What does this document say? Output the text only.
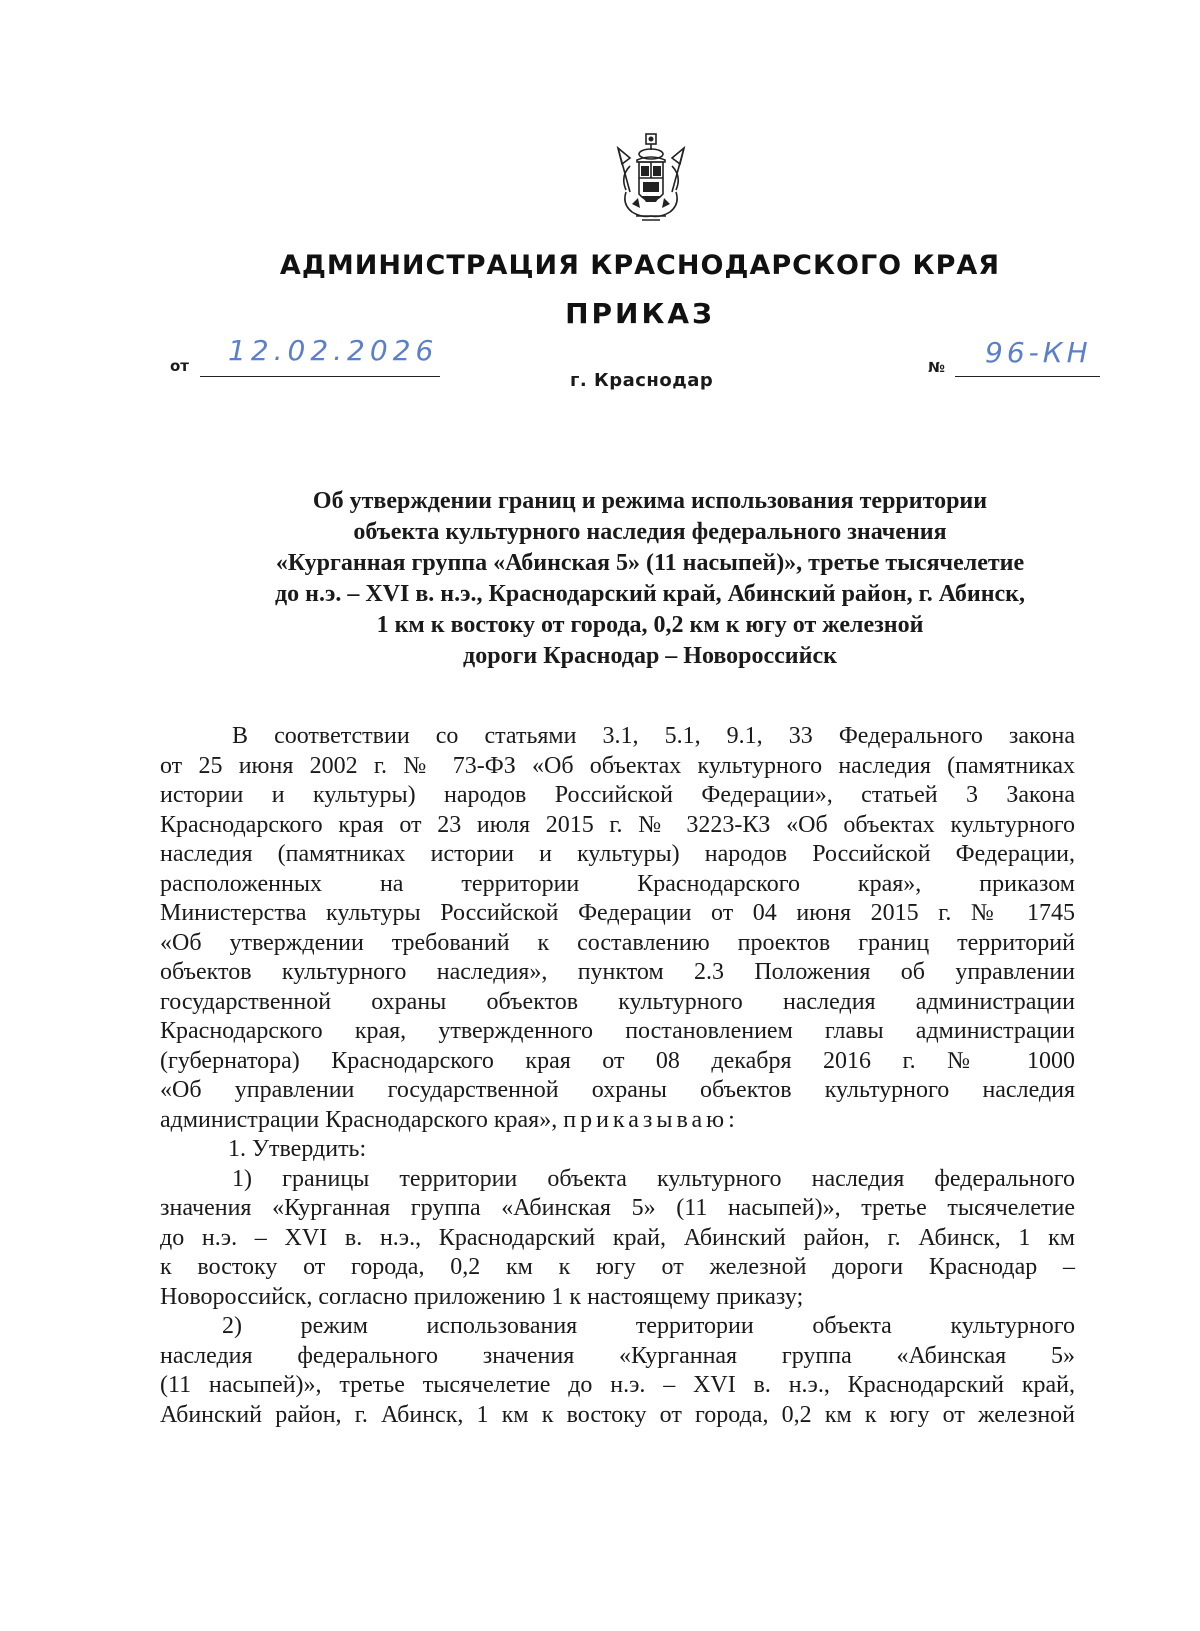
АДМИНИСТРАЦИЯ КРАСНОДАРСКОГО КРАЯ
ПРИКАЗ
от 12.02.2026
г. Краснодар
№ 96-КН
Об утверждении границ и режима использования территории
объекта культурного наследия федерального значения
«Курганная группа «Абинская 5» (11 насыпей)», третье тысячелетие
до н.э. – XVI в. н.э., Краснодарский край, Абинский район, г. Абинск,
1 км к востоку от города, 0,2 км к югу от железной
дороги Краснодар – Новороссийск
В соответствии со статьями 3.1, 5.1, 9.1, 33 Федерального закона
от 25 июня 2002 г. № 73-ФЗ «Об объектах культурного наследия (памятниках
истории и культуры) народов Российской Федерации», статьей 3 Закона
Краснодарского края от 23 июля 2015 г. № 3223-КЗ «Об объектах культурного
наследия (памятниках истории и культуры) народов Российской Федерации,
расположенных на территории Краснодарского края», приказом
Министерства культуры Российской Федерации от 04 июня 2015 г. № 1745
«Об утверждении требований к составлению проектов границ территорий
объектов культурного наследия», пунктом 2.3 Положения об управлении
государственной охраны объектов культурного наследия администрации
Краснодарского края, утвержденного постановлением главы администрации
(губернатора) Краснодарского края от 08 декабря 2016 г. № 1000
«Об управлении государственной охраны объектов культурного наследия
администрации Краснодарского края», приказываю:
1. Утвердить:
1) границы территории объекта культурного наследия федерального
значения «Курганная группа «Абинская 5» (11 насыпей)», третье тысячелетие
до н.э. – XVI в. н.э., Краснодарский край, Абинский район, г. Абинск, 1 км
к востоку от города, 0,2 км к югу от железной дороги Краснодар –
Новороссийск, согласно приложению 1 к настоящему приказу;
2) режим использования территории объекта культурного
наследия федерального значения «Курганная группа «Абинская 5»
(11 насыпей)», третье тысячелетие до н.э. – XVI в. н.э., Краснодарский край,
Абинский район, г. Абинск, 1 км к востоку от города, 0,2 км к югу от железной
